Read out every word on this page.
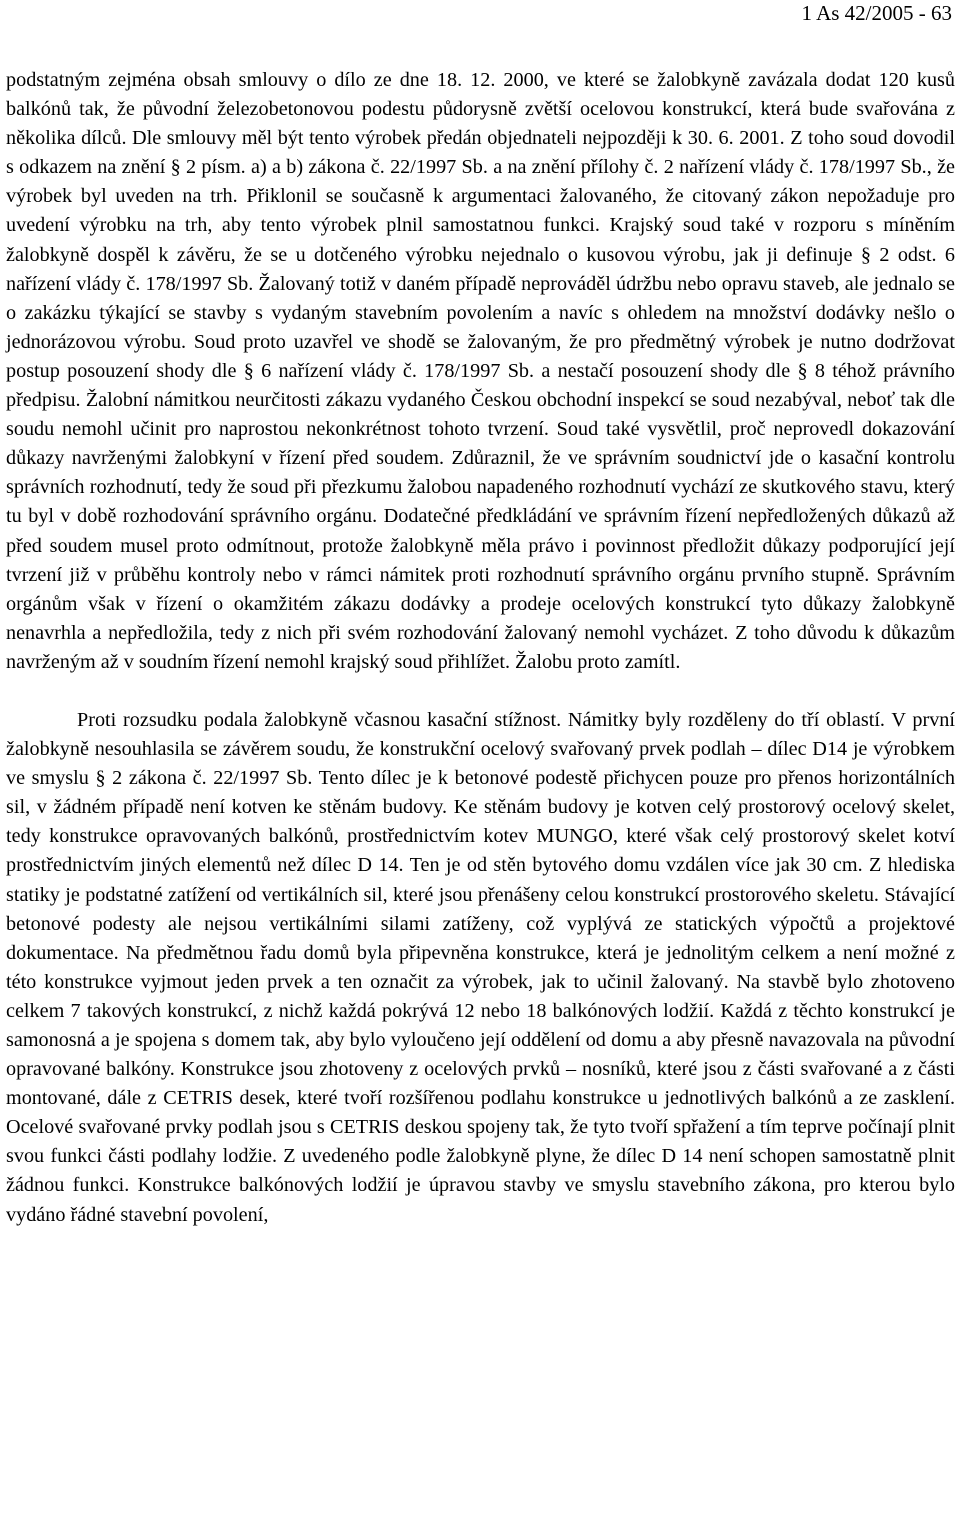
1 As 42/2005 - 63

podstatným zejména obsah smlouvy o dílo ze dne 18. 12. 2000, ve které se žalobkyně zavázala dodat 120 kusů balkónů tak, že původní železobetonovou podestu půdorysně zvětší ocelovou konstrukcí, která bude svařována z několika dílců. Dle smlouvy měl být tento výrobek předán objednateli nejpozději k 30. 6. 2001. Z toho soud dovodil s odkazem na znění § 2 písm. a) a b) zákona č. 22/1997 Sb. a na znění přílohy č. 2 nařízení vlády č. 178/1997 Sb., že výrobek byl uveden na trh. Přiklonil se současně k argumentaci žalovaného, že citovaný zákon nepožaduje pro uvedení výrobku na trh, aby tento výrobek plnil samostatnou funkci. Krajský soud také v rozporu s míněním žalobkyně dospěl k závěru, že se u dotčeného výrobku nejednalo o kusovou výrobu, jak ji definuje § 2 odst. 6 nařízení vlády č. 178/1997 Sb. Žalovaný totiž v daném případě neprováděl údržbu nebo opravu staveb, ale jednalo se o zakázku týkající se stavby s vydaným stavebním povolením a navíc s ohledem na množství dodávky nešlo o jednorázovou výrobu. Soud proto uzavřel ve shodě se žalovaným, že pro předmětný výrobek je nutno dodržovat postup posouzení shody dle § 6 nařízení vlády č. 178/1997 Sb. a nestačí posouzení shody dle § 8 téhož právního předpisu. Žalobní námitkou neurčitosti zákazu vydaného Českou obchodní inspekcí se soud nezabýval, neboť tak dle soudu nemohl učinit pro naprostou nekonkrétnost tohoto tvrzení. Soud také vysvětlil, proč neprovedl dokazování důkazy navrženými žalobkyní v řízení před soudem. Zdůraznil, že ve správním soudnictví jde o kasační kontrolu správních rozhodnutí, tedy že soud při přezkumu žalobou napadeného rozhodnutí vychází ze skutkového stavu, který tu byl v době rozhodování správního orgánu. Dodatečné předkládání ve správním řízení nepředložených důkazů až před soudem musel proto odmítnout, protože žalobkyně měla právo i povinnost předložit důkazy podporující její tvrzení již v průběhu kontroly nebo v rámci námitek proti rozhodnutí správního orgánu prvního stupně. Správním orgánům však v řízení o okamžitém zákazu dodávky a prodeje ocelových konstrukcí tyto důkazy žalobkyně nenavrhla a nepředložila, tedy z nich při svém rozhodování žalovaný nemohl vycházet. Z toho důvodu k důkazům navrženým až v soudním řízení nemohl krajský soud přihlížet. Žalobu proto zamítl.

Proti rozsudku podala žalobkyně včasnou kasační stížnost. Námitky byly rozděleny do tří oblastí. V první žalobkyně nesouhlasila se závěrem soudu, že konstrukční ocelový svařovaný prvek podlah – dílec D14 je výrobkem ve smyslu § 2 zákona č. 22/1997 Sb. Tento dílec je k betonové podestě přichycen pouze pro přenos horizontálních sil, v žádném případě není kotven ke stěnám budovy. Ke stěnám budovy je kotven celý prostorový ocelový skelet, tedy konstrukce opravovaných balkónů, prostřednictvím kotev MUNGO, které však celý prostorový skelet kotví prostřednictvím jiných elementů než dílec D 14. Ten je od stěn bytového domu vzdálen více jak 30 cm. Z hlediska statiky je podstatné zatížení od vertikálních sil, které jsou přenášeny celou konstrukcí prostorového skeletu. Stávající betonové podesty ale nejsou vertikálními silami zatíženy, což vyplývá ze statických výpočtů a projektové dokumentace. Na předmětnou řadu domů byla připevněna konstrukce, která je jednolitým celkem a není možné z této konstrukce vyjmout jeden prvek a ten označit za výrobek, jak to učinil žalovaný. Na stavbě bylo zhotoveno celkem 7 takových konstrukcí, z nichž každá pokrývá 12 nebo 18 balkónových lodžií. Každá z těchto konstrukcí je samonosná a je spojena s domem tak, aby bylo vyloučeno její oddělení od domu a aby přesně navazovala na původní opravované balkóny. Konstrukce jsou zhotoveny z ocelových prvků – nosníků, které jsou z části svařované a z části montované, dále z CETRIS desek, které tvoří rozšířenou podlahu konstrukce u jednotlivých balkónů a ze zasklení. Ocelové svařované prvky podlah jsou s CETRIS deskou spojeny tak, že tyto tvoří spřažení a tím teprve počínají plnit svou funkci části podlahy lodžie. Z uvedeného podle žalobkyně plyne, že dílec D 14 není schopen samostatně plnit žádnou funkci. Konstrukce balkónových lodžií je úpravou stavby ve smyslu stavebního zákona, pro kterou bylo vydáno řádné stavební povolení,
